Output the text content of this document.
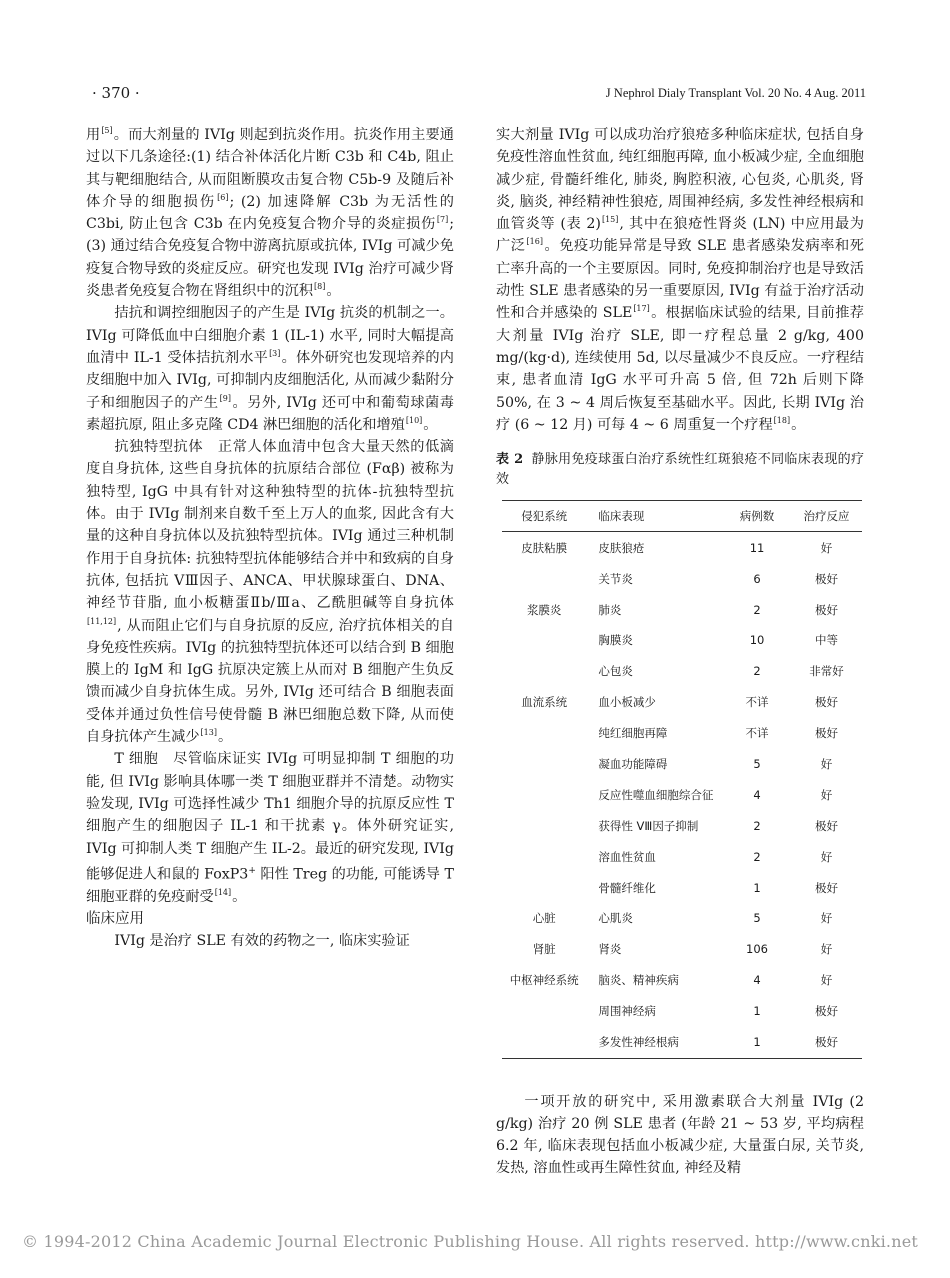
· 370 ·	J Nephrol Dialy Transplant Vol. 20 No. 4 Aug. 2011

用[5]。而大剂量的 IVIg 则起到抗炎作用。抗炎作用主要通过以下几条途径:(1) 结合补体活化片断 C3b 和 C4b, 阻止其与靶细胞结合, 从而阻断膜攻击复合物 C5b-9 及随后补体介导的细胞损伤[6]; (2) 加速降解 C3b 为无活性的 C3bi, 防止包含 C3b 在内免疫复合物介导的炎症损伤[7]; (3) 通过结合免疫复合物中游离抗原或抗体, IVIg 可减少免疫复合物导致的炎症反应。研究也发现 IVIg 治疗可减少肾炎患者免疫复合物在肾组织中的沉积[8]。

拮抗和调控细胞因子的产生是 IVIg 抗炎的机制之一。IVIg 可降低血中白细胞介素 1 (IL-1) 水平, 同时大幅提高血清中 IL-1 受体拮抗剂水平[3]。体外研究也发现培养的内皮细胞中加入 IVIg, 可抑制内皮细胞活化, 从而减少黏附分子和细胞因子的产生[9]。另外, IVIg 还可中和葡萄球菌毒素超抗原, 阻止多克隆 CD4 淋巴细胞的活化和增殖[10]。

抗独特型抗体　正常人体血清中包含大量天然的低滴度自身抗体, 这些自身抗体的抗原结合部位 (Fαβ) 被称为独特型, IgG 中具有针对这种独特型的抗体-抗独特型抗体。由于 IVIg 制剂来自数千至上万人的血浆, 因此含有大量的这种自身抗体以及抗独特型抗体。IVIg 通过三种机制作用于自身抗体: 抗独特型抗体能够结合并中和致病的自身抗体, 包括抗 VⅢ因子、ANCA、甲状腺球蛋白、DNA、神经节苷脂, 血小板糖蛋Ⅱb/Ⅲa、乙酰胆碱等自身抗体[11,12], 从而阻止它们与自身抗原的反应, 治疗抗体相关的自身免疫性疾病。IVIg 的抗独特型抗体还可以结合到 B 细胞膜上的 IgM 和 IgG 抗原决定簇上从而对 B 细胞产生负反馈而减少自身抗体生成。另外, IVIg 还可结合 B 细胞表面受体并通过负性信号使骨髓 B 淋巴细胞总数下降, 从而使自身抗体产生减少[13]。

T 细胞　尽管临床证实 IVIg 可明显抑制 T 细胞的功能, 但 IVIg 影响具体哪一类 T 细胞亚群并不清楚。动物实验发现, IVIg 可选择性减少 Th1 细胞介导的抗原反应性 T 细胞产生的细胞因子 IL-1 和干扰素 γ。体外研究证实, IVIg 可抑制人类 T 细胞产生 IL-2。最近的研究发现, IVIg 能够促进人和鼠的 FoxP3+ 阳性 Treg 的功能, 可能诱导 T 细胞亚群的免疫耐受[14]。

临床应用

IVIg 是治疗 SLE 有效的药物之一, 临床实验证

实大剂量 IVIg 可以成功治疗狼疮多种临床症状, 包括自身免疫性溶血性贫血, 纯红细胞再障, 血小板减少症, 全血细胞减少症, 骨髓纤维化, 肺炎, 胸腔积液, 心包炎, 心肌炎, 肾炎, 脑炎, 神经精神性狼疮, 周围神经病, 多发性神经根病和血管炎等 (表 2)[15], 其中在狼疮性肾炎 (LN) 中应用最为广泛[16]。免疫功能异常是导致 SLE 患者感染发病率和死亡率升高的一个主要原因。同时, 免疫抑制治疗也是导致活动性 SLE 患者感染的另一重要原因, IVIg 有益于治疗活动性和合并感染的 SLE[17]。根据临床试验的结果, 目前推荐大剂量 IVIg 治疗 SLE, 即一疗程总量 2 g/kg, 400 mg/(kg·d), 连续使用 5d, 以尽量减少不良反应。一疗程结束, 患者血清 IgG 水平可升高 5 倍, 但 72h 后则下降 50%, 在 3 ~ 4 周后恢复至基础水平。因此, 长期 IVIg 治疗 (6 ~ 12 月) 可每 4 ~ 6 周重复一个疗程[18]。

表 2 静脉用免疫球蛋白治疗系统性红斑狼疮不同临床表现的疗效

侵犯系统	临床表现	病例数	治疗反应
皮肤粘膜	皮肤狼疮	11	好
	关节炎	6	极好
浆膜炎	肺炎	2	极好
	胸膜炎	10	中等
	心包炎	2	非常好
血流系统	血小板减少	不详	极好
	纯红细胞再障	不详	极好
	凝血功能障碍	5	好
	反应性噬血细胞综合征	4	好
	获得性 VⅢ因子抑制	2	极好
	溶血性贫血	2	好
	骨髓纤维化	1	极好
心脏	心肌炎	5	好
肾脏	肾炎	106	好
中枢神经系统	脑炎、精神疾病	4	好
	周围神经病	1	极好
	多发性神经根病	1	极好

一项开放的研究中, 采用激素联合大剂量 IVIg (2 g/kg) 治疗 20 例 SLE 患者 (年龄 21 ~ 53 岁, 平均病程 6.2 年, 临床表现包括血小板减少症, 大量蛋白尿, 关节炎, 发热, 溶血性或再生障性贫血, 神经及精

© 1994-2012 China Academic Journal Electronic Publishing House. All rights reserved. http://www.cnki.net
